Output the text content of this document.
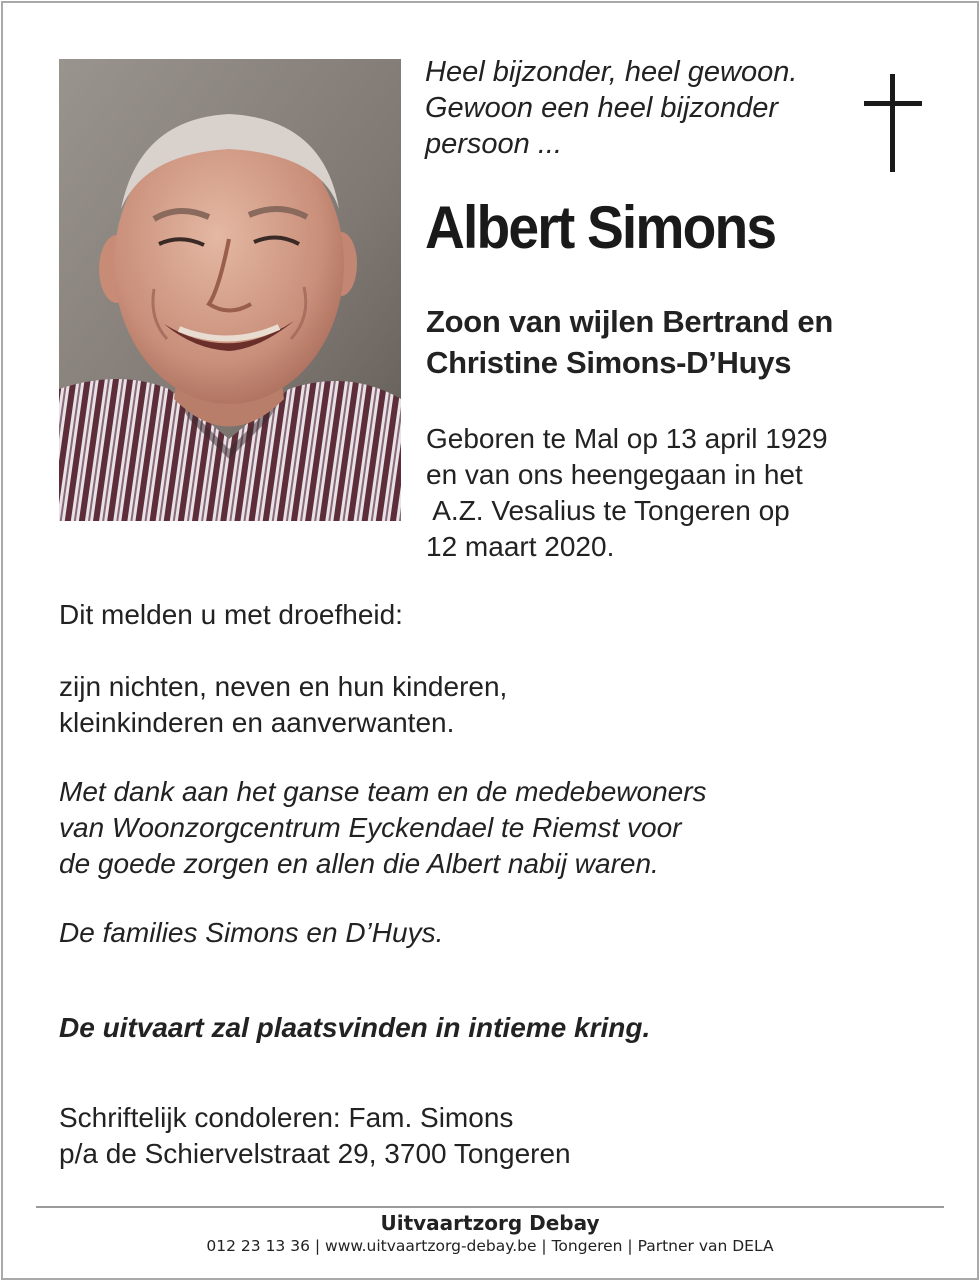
Heel bijzonder, heel gewoon.
Gewoon een heel bijzonder
persoon ...
Albert Simons
Zoon van wijlen Bertrand en
Christine Simons-D’Huys
Geboren te Mal op 13 april 1929
en van ons heengegaan in het
A.Z. Vesalius te Tongeren op
12 maart 2020.
Dit melden u met droefheid:
zijn nichten, neven en hun kinderen,
kleinkinderen en aanverwanten.
Met dank aan het ganse team en de medebewoners
van Woonzorgcentrum Eyckendael te Riemst voor
de goede zorgen en allen die Albert nabij waren.
De families Simons en D’Huys.
De uitvaart zal plaatsvinden in intieme kring.
Schriftelijk condoleren: Fam. Simons
p/a de Schiervelstraat 29, 3700 Tongeren
Uitvaartzorg Debay
012 23 13 36 | www.uitvaartzorg-debay.be | Tongeren | Partner van DELA
